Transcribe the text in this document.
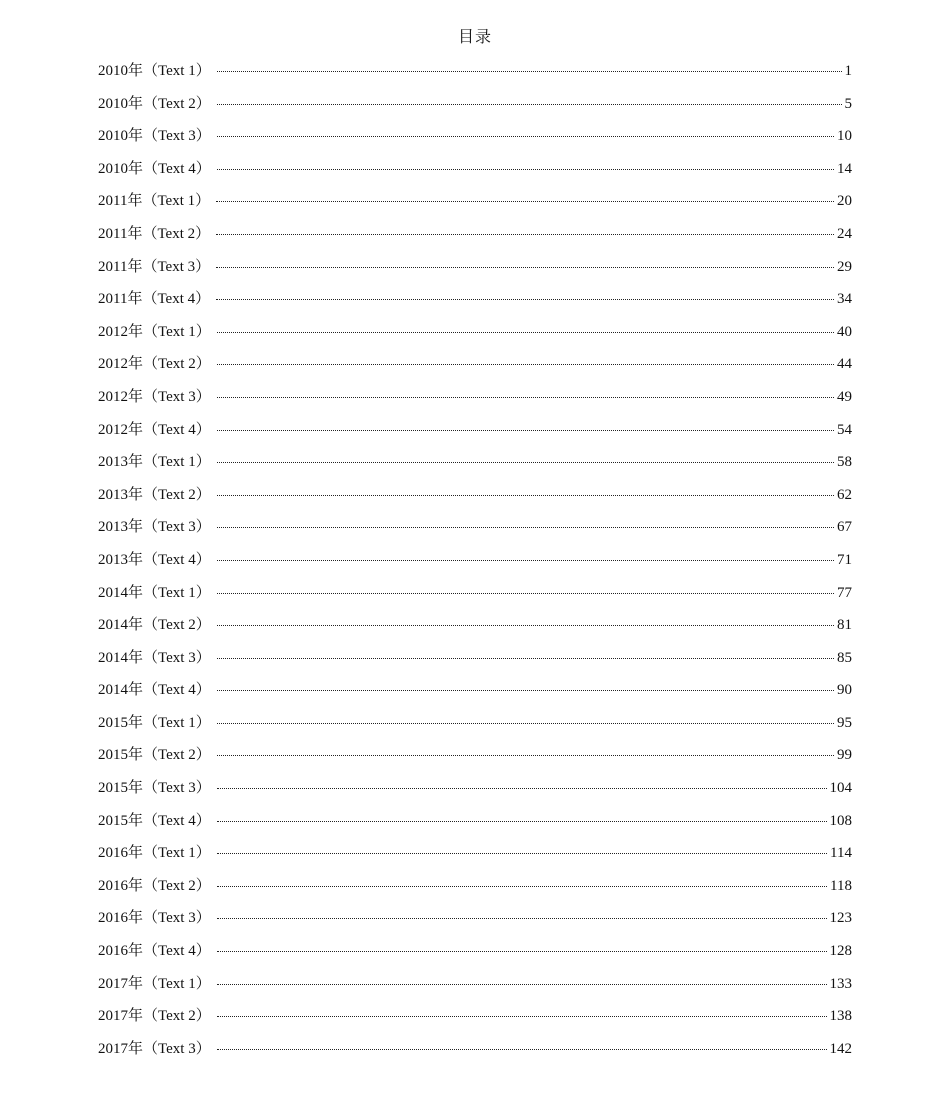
目录
2010年（Text 1）	1
2010年（Text 2）	5
2010年（Text 3）	10
2010年（Text 4）	14
2011年（Text 1）	20
2011年（Text 2）	24
2011年（Text 3）	29
2011年（Text 4）	34
2012年（Text 1）	40
2012年（Text 2）	44
2012年（Text 3）	49
2012年（Text 4）	54
2013年（Text 1）	58
2013年（Text 2）	62
2013年（Text 3）	67
2013年（Text 4）	71
2014年（Text 1）	77
2014年（Text 2）	81
2014年（Text 3）	85
2014年（Text 4）	90
2015年（Text 1）	95
2015年（Text 2）	99
2015年（Text 3）	104
2015年（Text 4）	108
2016年（Text 1）	114
2016年（Text 2）	118
2016年（Text 3）	123
2016年（Text 4）	128
2017年（Text 1）	133
2017年（Text 2）	138
2017年（Text 3）	142
